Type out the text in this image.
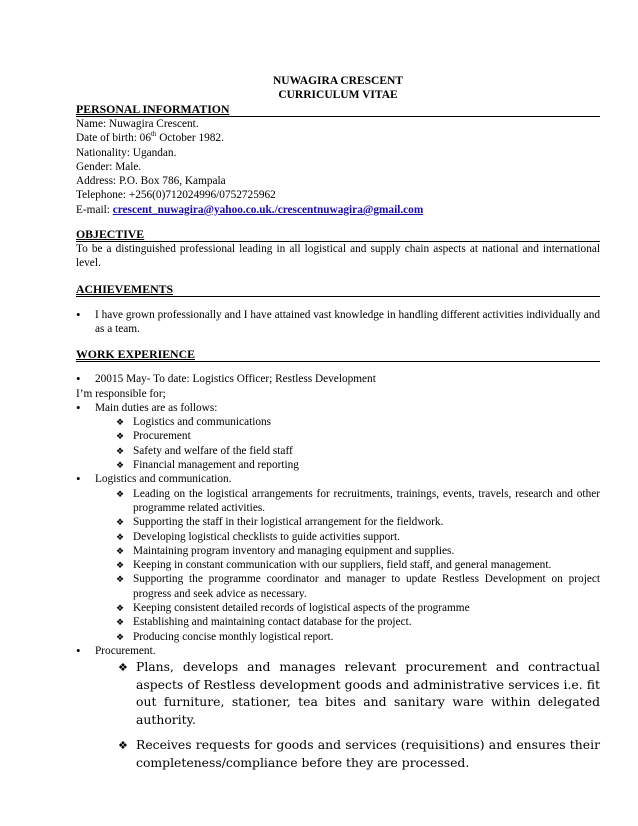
NUWAGIRA CRESCENT
CURRICULUM VITAE
PERSONAL INFORMATION
Name: Nuwagira Crescent.
Date of birth: 06th October 1982.
Nationality: Ugandan.
Gender: Male.
Address: P.O. Box 786, Kampala
Telephone: +256(0)712024996/0752725962
E-mail: crescent_nuwagira@yahoo.co.uk./crescentnuwagira@gmail.com
OBJECTIVE
To be a distinguished professional leading in all logistical and supply chain aspects at national and international level.
ACHIEVEMENTS
• I have grown professionally and I have attained vast knowledge in handling different activities individually and as a team.
WORK EXPERIENCE
• 20015 May- To date: Logistics Officer; Restless Development
I’m responsible for;
• Main duties are as follows:
❖ Logistics and communications
❖ Procurement
❖ Safety and welfare of the field staff
❖ Financial management and reporting
• Logistics and communication.
❖ Leading on the logistical arrangements for recruitments, trainings, events, travels, research and other programme related activities.
❖ Supporting the staff in their logistical arrangement for the fieldwork.
❖ Developing logistical checklists to guide activities support.
❖ Maintaining program inventory and managing equipment and supplies.
❖ Keeping in constant communication with our suppliers, field staff, and general management.
❖ Supporting the programme coordinator and manager to update Restless Development on project progress and seek advice as necessary.
❖ Keeping consistent detailed records of logistical aspects of the programme
❖ Establishing and maintaining contact database for the project.
❖ Producing concise monthly logistical report.
• Procurement.
❖ Plans, develops and manages relevant procurement and contractual aspects of Restless development goods and administrative services i.e. fit out furniture, stationer, tea bites and sanitary ware within delegated authority.
❖ Receives requests for goods and services (requisitions) and ensures their completeness/compliance before they are processed.
